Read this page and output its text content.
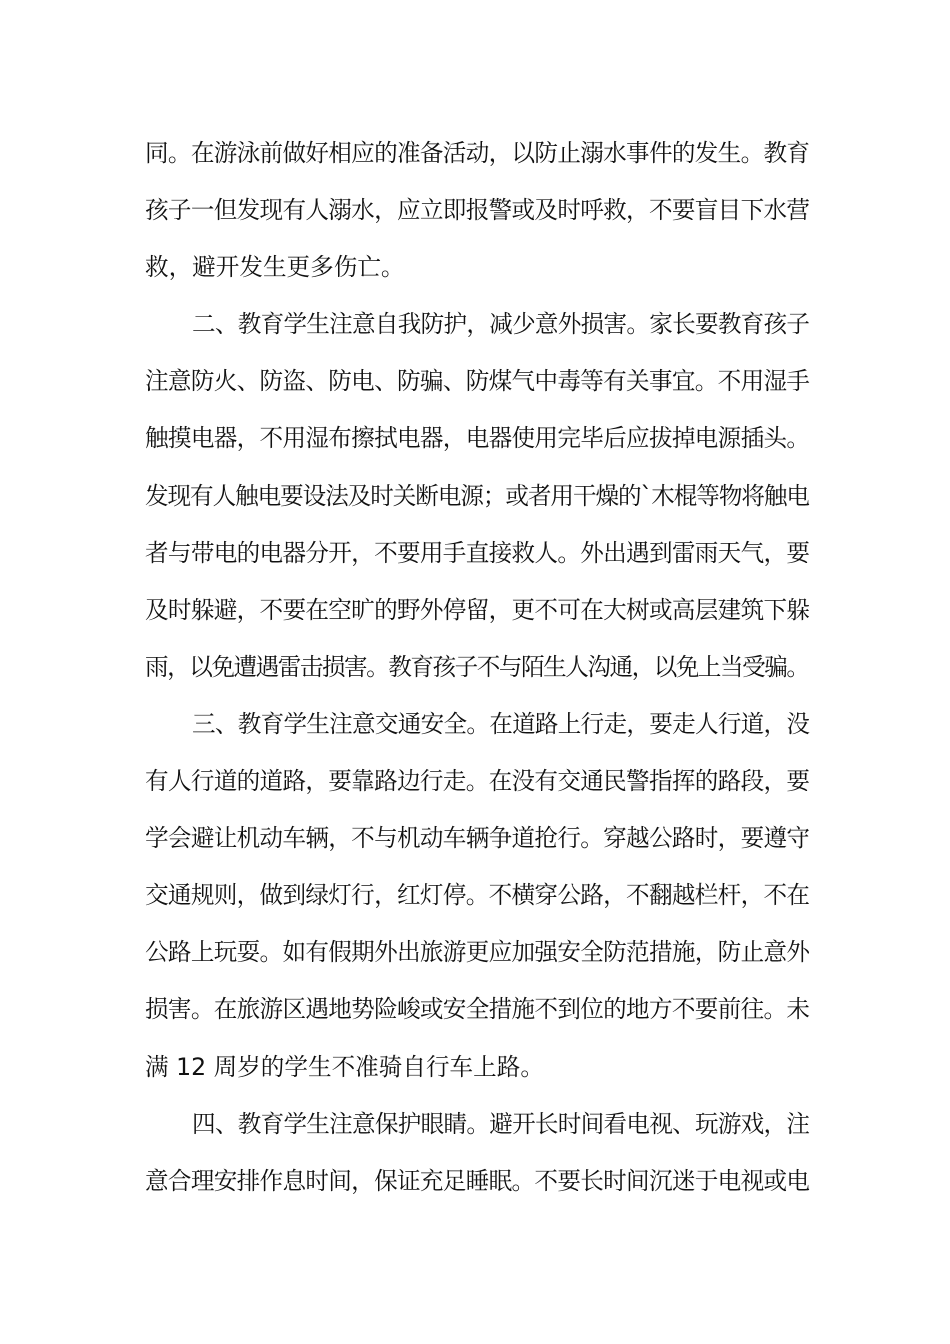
同。在游泳前做好相应的准备活动，以防止溺水事件的发生。教育
孩子一但发现有人溺水，应立即报警或及时呼救，不要盲目下水营
救，避开发生更多伤亡。
二、教育学生注意自我防护，减少意外损害。家长要教育孩子
注意防火、防盗、防电、防骗、防煤气中毒等有关事宜。不用湿手
触摸电器，不用湿布擦拭电器，电器使用完毕后应拔掉电源插头。
发现有人触电要设法及时关断电源；或者用干燥的`木棍等物将触电
者与带电的电器分开，不要用手直接救人。外出遇到雷雨天气，要
及时躲避，不要在空旷的野外停留，更不可在大树或高层建筑下躲
雨，以免遭遇雷击损害。教育孩子不与陌生人沟通，以免上当受骗。
三、教育学生注意交通安全。在道路上行走，要走人行道，没
有人行道的道路，要靠路边行走。在没有交通民警指挥的路段，要
学会避让机动车辆，不与机动车辆争道抢行。穿越公路时，要遵守
交通规则，做到绿灯行，红灯停。不横穿公路，不翻越栏杆，不在
公路上玩耍。如有假期外出旅游更应加强安全防范措施，防止意外
损害。在旅游区遇地势险峻或安全措施不到位的地方不要前往。未
满 12 周岁的学生不准骑自行车上路。
四、教育学生注意保护眼睛。避开长时间看电视、玩游戏，注
意合理安排作息时间，保证充足睡眠。不要长时间沉迷于电视或电
